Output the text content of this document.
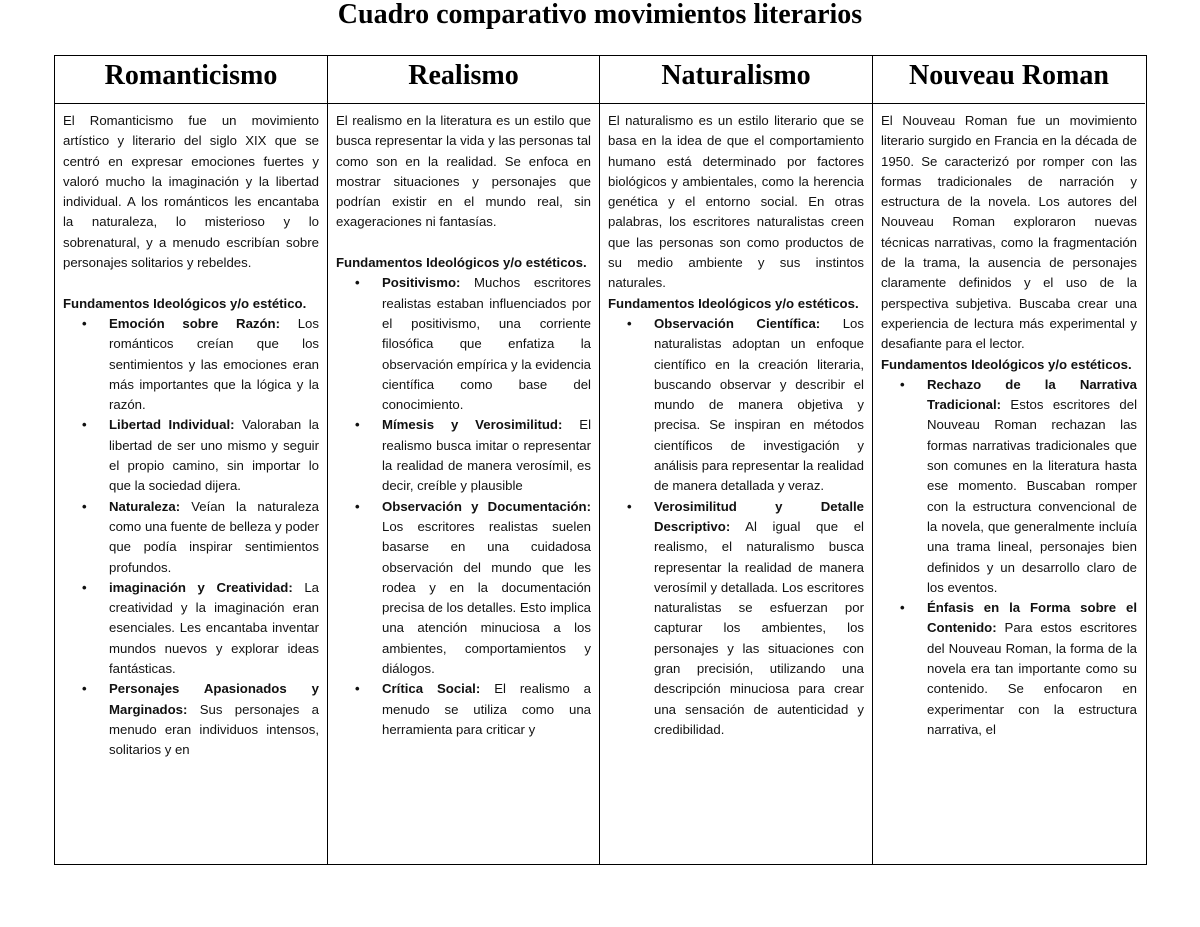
Cuadro comparativo movimientos literarios
Romanticismo

El Romanticismo fue un movimiento artístico y literario del siglo XIX que se centró en expresar emociones fuertes y valoró mucho la imaginación y la libertad individual. A los románticos les encantaba la naturaleza, lo misterioso y lo sobrenatural, y a menudo escribían sobre personajes solitarios y rebeldes.

Fundamentos Ideológicos y/o estético.

• Emoción sobre Razón: Los románticos creían que los sentimientos y las emociones eran más importantes que la lógica y la razón.
• Libertad Individual: Valoraban la libertad de ser uno mismo y seguir el propio camino, sin importar lo que la sociedad dijera.
• Naturaleza: Veían la naturaleza como una fuente de belleza y poder que podía inspirar sentimientos profundos.
• imaginación y Creatividad: La creatividad y la imaginación eran esenciales. Les encantaba inventar mundos nuevos y explorar ideas fantásticas.
• Personajes Apasionados y Marginados: Sus personajes a menudo eran individuos intensos, solitarios y en
Realismo

El realismo en la literatura es un estilo que busca representar la vida y las personas tal como son en la realidad. Se enfoca en mostrar situaciones y personajes que podrían existir en el mundo real, sin exageraciones ni fantasías.

Fundamentos Ideológicos y/o estéticos.

• Positivismo: Muchos escritores realistas estaban influenciados por el positivismo, una corriente filosófica que enfatiza la observación empírica y la evidencia científica como base del conocimiento.
• Mímesis y Verosimilitud: El realismo busca imitar o representar la realidad de manera verosímil, es decir, creíble y plausible
• Observación y Documentación: Los escritores realistas suelen basarse en una cuidadosa observación del mundo que les rodea y en la documentación precisa de los detalles. Esto implica una atención minuciosa a los ambientes, comportamientos y diálogos.
• Crítica Social: El realismo a menudo se utiliza como una herramienta para criticar y
Naturalismo

El naturalismo es un estilo literario que se basa en la idea de que el comportamiento humano está determinado por factores biológicos y ambientales, como la herencia genética y el entorno social. En otras palabras, los escritores naturalistas creen que las personas son como productos de su medio ambiente y sus instintos naturales.

Fundamentos Ideológicos y/o estéticos.

• Observación Científica: Los naturalistas adoptan un enfoque científico en la creación literaria, buscando observar y describir el mundo de manera objetiva y precisa. Se inspiran en métodos científicos de investigación y análisis para representar la realidad de manera detallada y veraz.
• Verosimilitud y Detalle Descriptivo: Al igual que el realismo, el naturalismo busca representar la realidad de manera verosímil y detallada. Los escritores naturalistas se esfuerzan por capturar los ambientes, los personajes y las situaciones con gran precisión, utilizando una descripción minuciosa para crear una sensación de autenticidad y credibilidad.
Nouveau Roman

El Nouveau Roman fue un movimiento literario surgido en Francia en la década de 1950. Se caracterizó por romper con las formas tradicionales de narración y estructura de la novela. Los autores del Nouveau Roman exploraron nuevas técnicas narrativas, como la fragmentación de la trama, la ausencia de personajes claramente definidos y el uso de la perspectiva subjetiva. Buscaba crear una experiencia de lectura más experimental y desafiante para el lector.

Fundamentos Ideológicos y/o estéticos.

• Rechazo de la Narrativa Tradicional: Estos escritores del Nouveau Roman rechazan las formas narrativas tradicionales que son comunes en la literatura hasta ese momento. Buscaban romper con la estructura convencional de la novela, que generalmente incluía una trama lineal, personajes bien definidos y un desarrollo claro de los eventos.
• Énfasis en la Forma sobre el Contenido: Para estos escritores del Nouveau Roman, la forma de la novela era tan importante como su contenido. Se enfocaron en experimentar con la estructura narrativa, el
